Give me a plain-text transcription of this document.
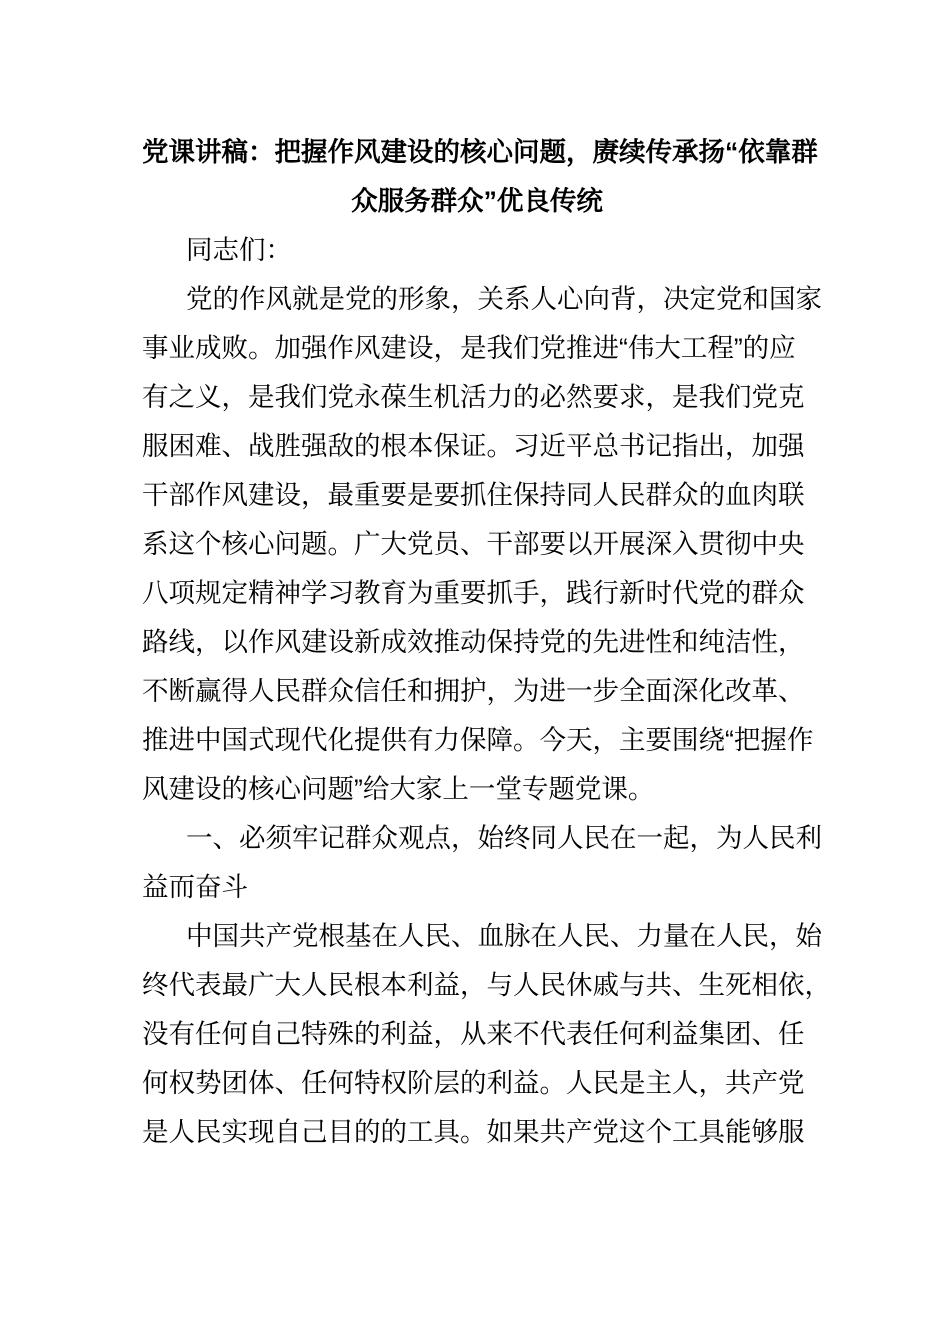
党课讲稿：把握作风建设的核心问题，赓续传承扬“依靠群
众服务群众”优良传统
同志们：
党的作风就是党的形象，关系人心向背，决定党和国家
事业成败。加强作风建设，是我们党推进“伟大工程”的应
有之义，是我们党永葆生机活力的必然要求，是我们党克
服困难、战胜强敌的根本保证。习近平总书记指出，加强
干部作风建设，最重要是要抓住保持同人民群众的血肉联
系这个核心问题。广大党员、干部要以开展深入贯彻中央
八项规定精神学习教育为重要抓手，践行新时代党的群众
路线，以作风建设新成效推动保持党的先进性和纯洁性，
不断赢得人民群众信任和拥护，为进一步全面深化改革、
推进中国式现代化提供有力保障。今天，主要围绕“把握作
风建设的核心问题”给大家上一堂专题党课。
一、必须牢记群众观点，始终同人民在一起，为人民利
益而奋斗
中国共产党根基在人民、血脉在人民、力量在人民，始
终代表最广大人民根本利益，与人民休戚与共、生死相依，
没有任何自己特殊的利益，从来不代表任何利益集团、任
何权势团体、任何特权阶层的利益。人民是主人，共产党
是人民实现自己目的的工具。如果共产党这个工具能够服
